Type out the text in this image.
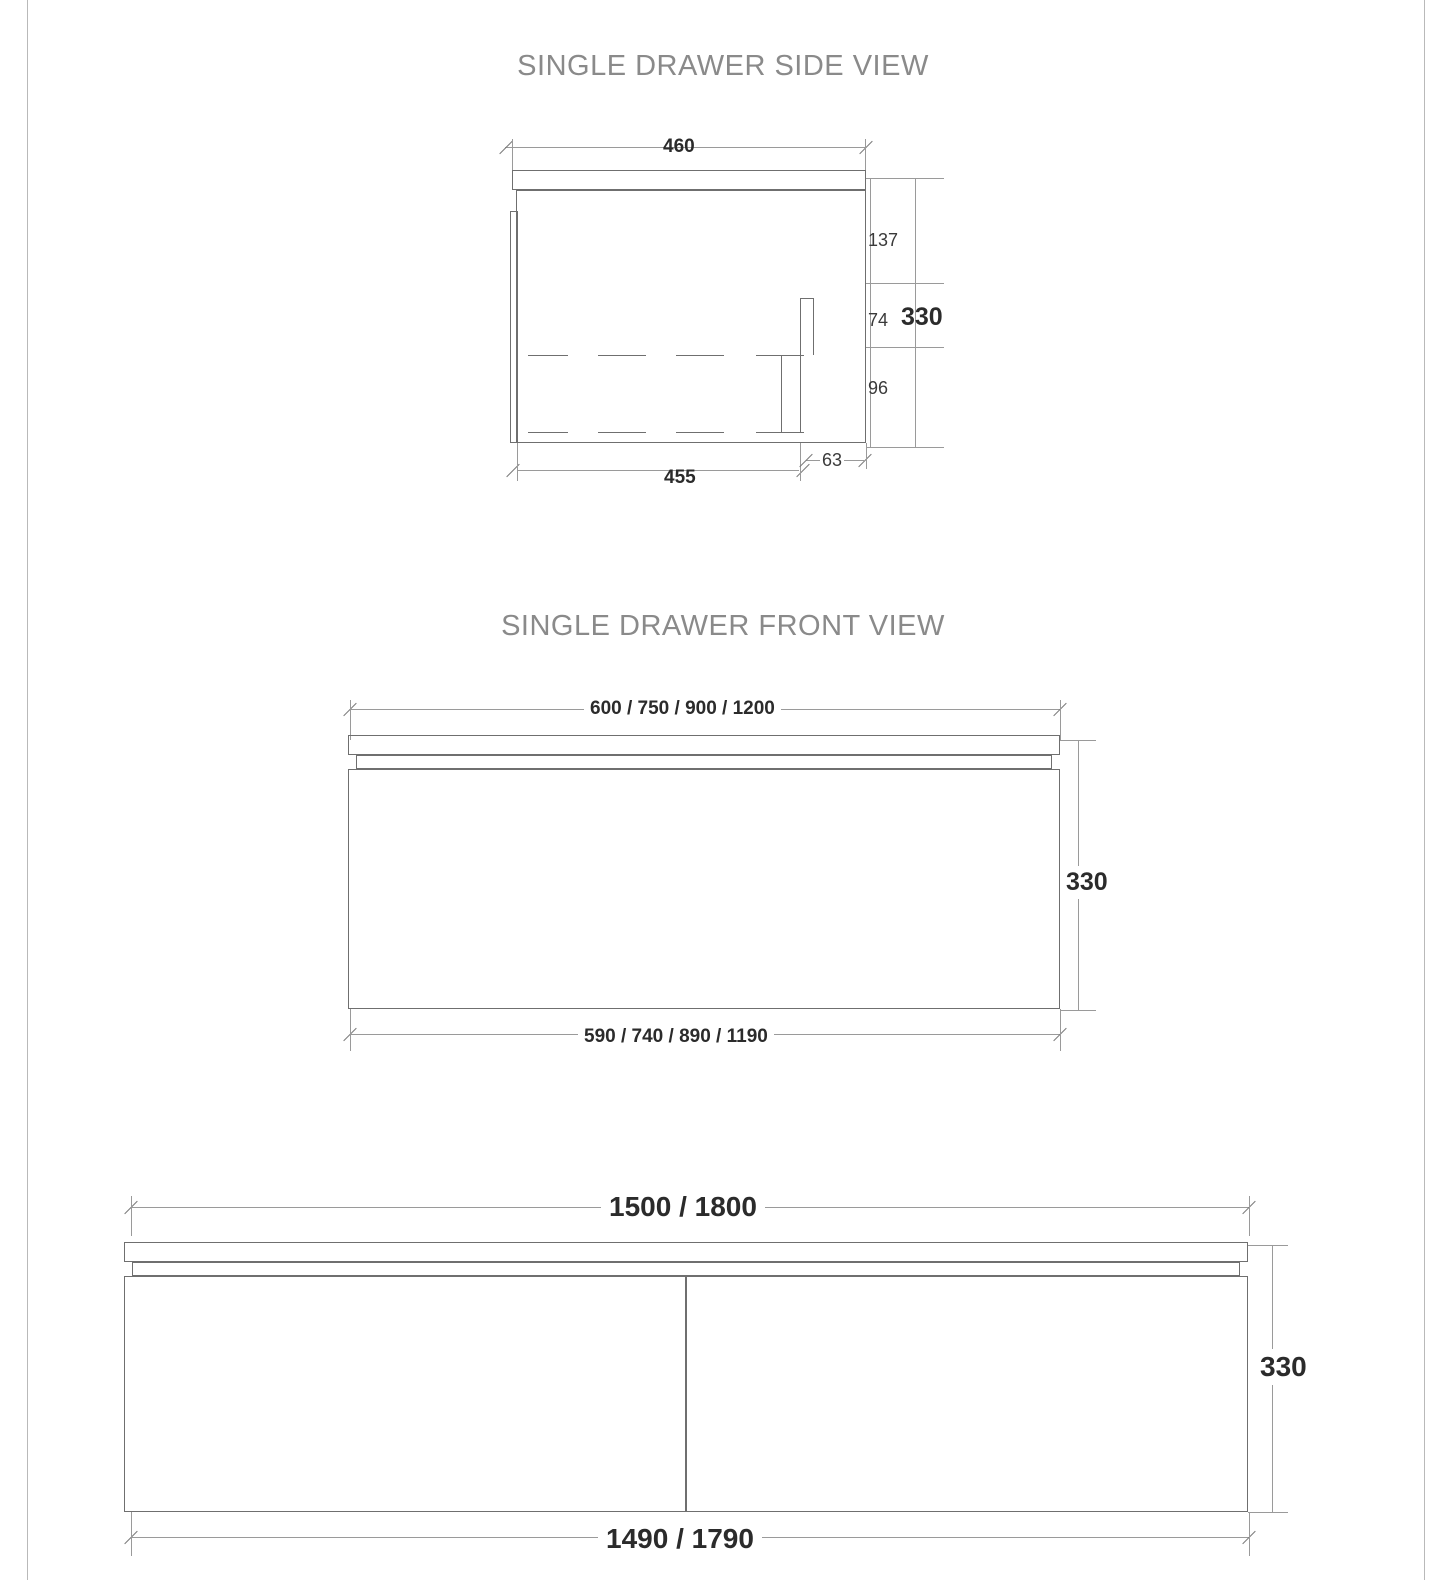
SINGLE DRAWER SIDE VIEW
460
137
74
96
330
455
63
SINGLE DRAWER FRONT VIEW
600 / 750 / 900 / 1200
330
590 / 740 / 890 / 1190
1500 / 1800
330
1490 / 1790
